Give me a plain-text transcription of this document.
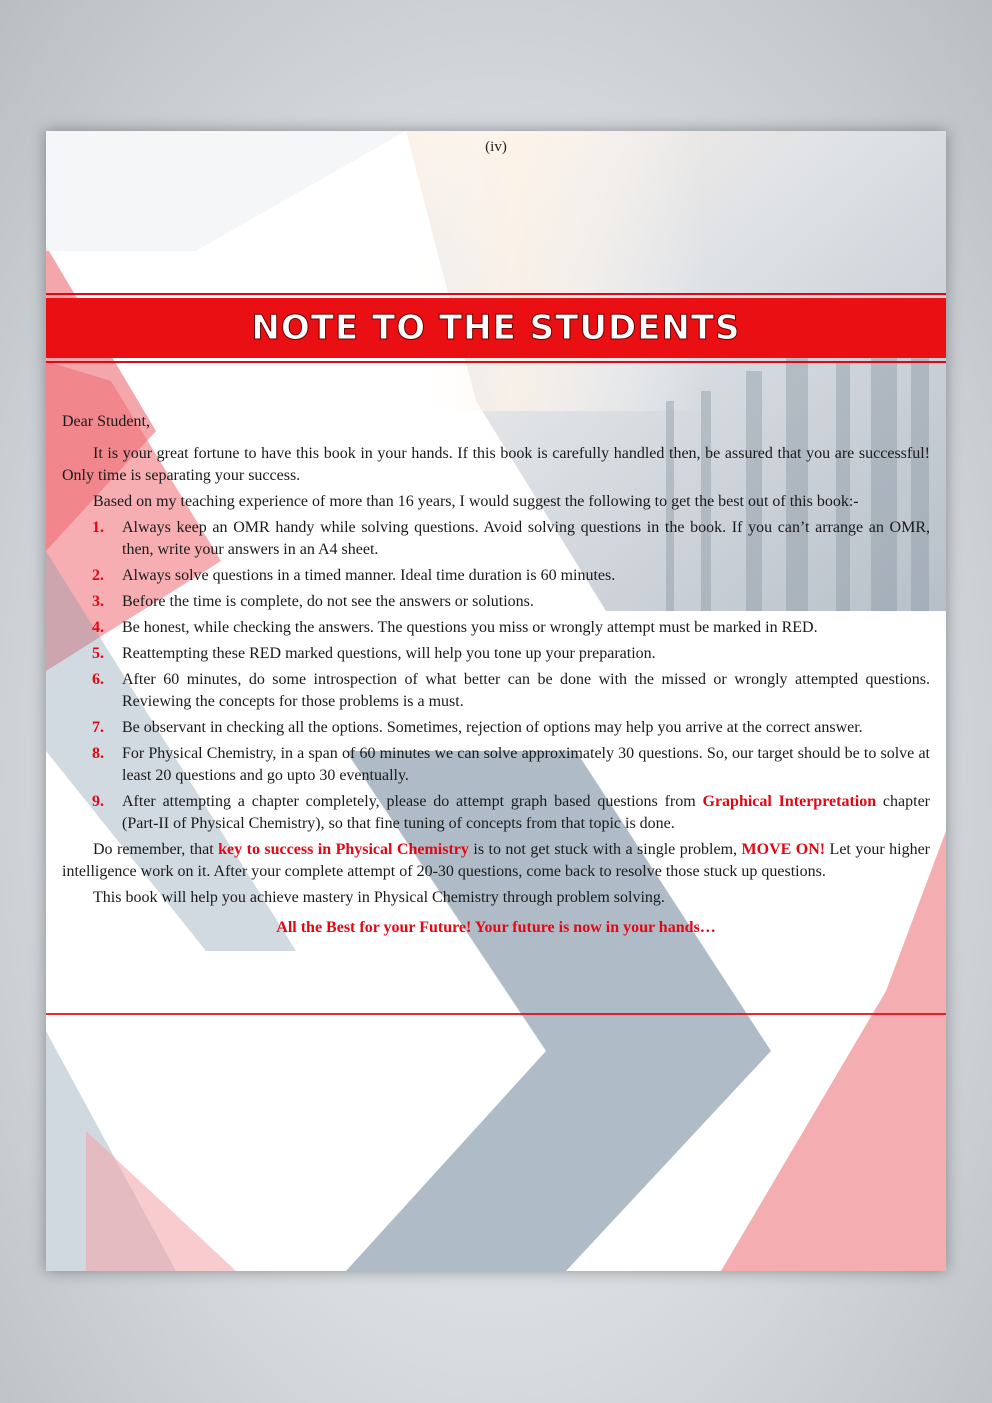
(iv)
NOTE TO THE STUDENTS

Dear Student,

It is your great fortune to have this book in your hands. If this book is carefully handled then, be assured that you are successful! Only time is separating your success.

Based on my teaching experience of more than 16 years, I would suggest the following to get the best out of this book:-

1. Always keep an OMR handy while solving questions. Avoid solving questions in the book. If you can’t arrange an OMR, then, write your answers in an A4 sheet.
2. Always solve questions in a timed manner. Ideal time duration is 60 minutes.
3. Before the time is complete, do not see the answers or solutions.
4. Be honest, while checking the answers. The questions you miss or wrongly attempt must be marked in RED.
5. Reattempting these RED marked questions, will help you tone up your preparation.
6. After 60 minutes, do some introspection of what better can be done with the missed or wrongly attempted questions. Reviewing the concepts for those problems is a must.
7. Be observant in checking all the options. Sometimes, rejection of options may help you arrive at the correct answer.
8. For Physical Chemistry, in a span of 60 minutes we can solve approximately 30 questions. So, our target should be to solve at least 20 questions and go upto 30 eventually.
9. After attempting a chapter completely, please do attempt graph based questions from Graphical Interpretation chapter (Part-II of Physical Chemistry), so that fine tuning of concepts from that topic is done.

Do remember, that key to success in Physical Chemistry is to not get stuck with a single problem, MOVE ON! Let your higher intelligence work on it. After your complete attempt of 20-30 questions, come back to resolve those stuck up questions.

This book will help you achieve mastery in Physical Chemistry through problem solving.

All the Best for your Future! Your future is now in your hands…
